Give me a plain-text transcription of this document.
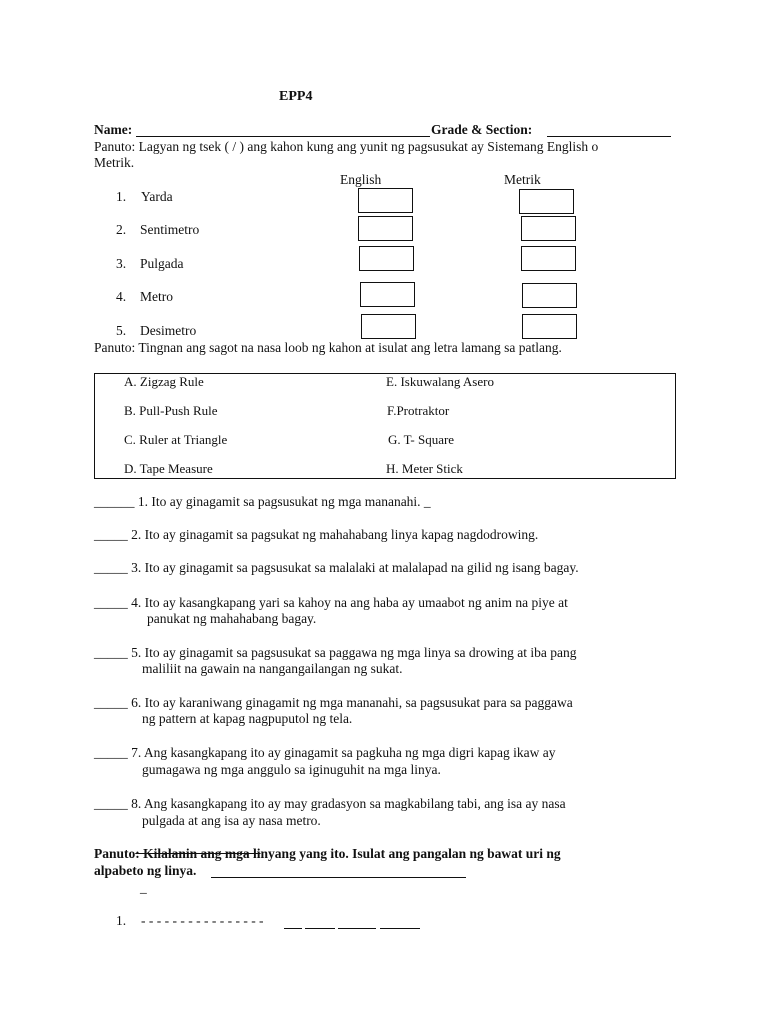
EPP4
Name:	Grade & Section:
Panuto: Lagyan ng tsek ( / ) ang kahon kung ang yunit ng pagsusukat ay Sistemang English o
Metrik.
English	Metrik
1. Yarda
2. Sentimetro
3. Pulgada
4. Metro
5. Desimetro
Panuto: Tingnan ang sagot na nasa loob ng kahon at isulat ang letra lamang sa patlang.
A. Zigzag Rule
B. Pull-Push Rule
C. Ruler at Triangle
D. Tape Measure
E. Iskuwalang Asero
F.Protraktor
G. T- Square
H. Meter Stick
______ 1. Ito ay ginagamit sa pagsusukat ng mga mananahi. _
_____ 2. Ito ay ginagamit sa pagsukat ng mahahabang linya kapag nagdodrowing.
_____ 3. Ito ay ginagamit sa pagsusukat sa malalaki at malalapad na gilid ng isang bagay.
_____ 4. Ito ay kasangkapang yari sa kahoy na ang haba ay umaabot ng anim na piye at
panukat ng mahahabang bagay.
_____ 5. Ito ay ginagamit sa pagsusukat sa paggawa ng mga linya sa drowing at iba pang
maliliit na gawain na nangangailangan ng sukat.
_____ 6. Ito ay karaniwang ginagamit ng mga mananahi, sa pagsusukat para sa paggawa
ng pattern at kapag nagpuputol ng tela.
_____ 7. Ang kasangkapang ito ay ginagamit sa pagkuha ng mga digri kapag ikaw ay
gumagawa ng mga anggulo sa iginuguhit na mga linya.
_____ 8. Ang kasangkapang ito ay may gradasyon sa magkabilang tabi, ang isa ay nasa
pulgada at ang isa ay nasa metro.
Panuto: Kilalanin ang mga linyang yang ito. Isulat ang pangalan ng bawat uri ng
alpabeto ng linya.
_
1. - - - - - - - - - - - - - - - -
